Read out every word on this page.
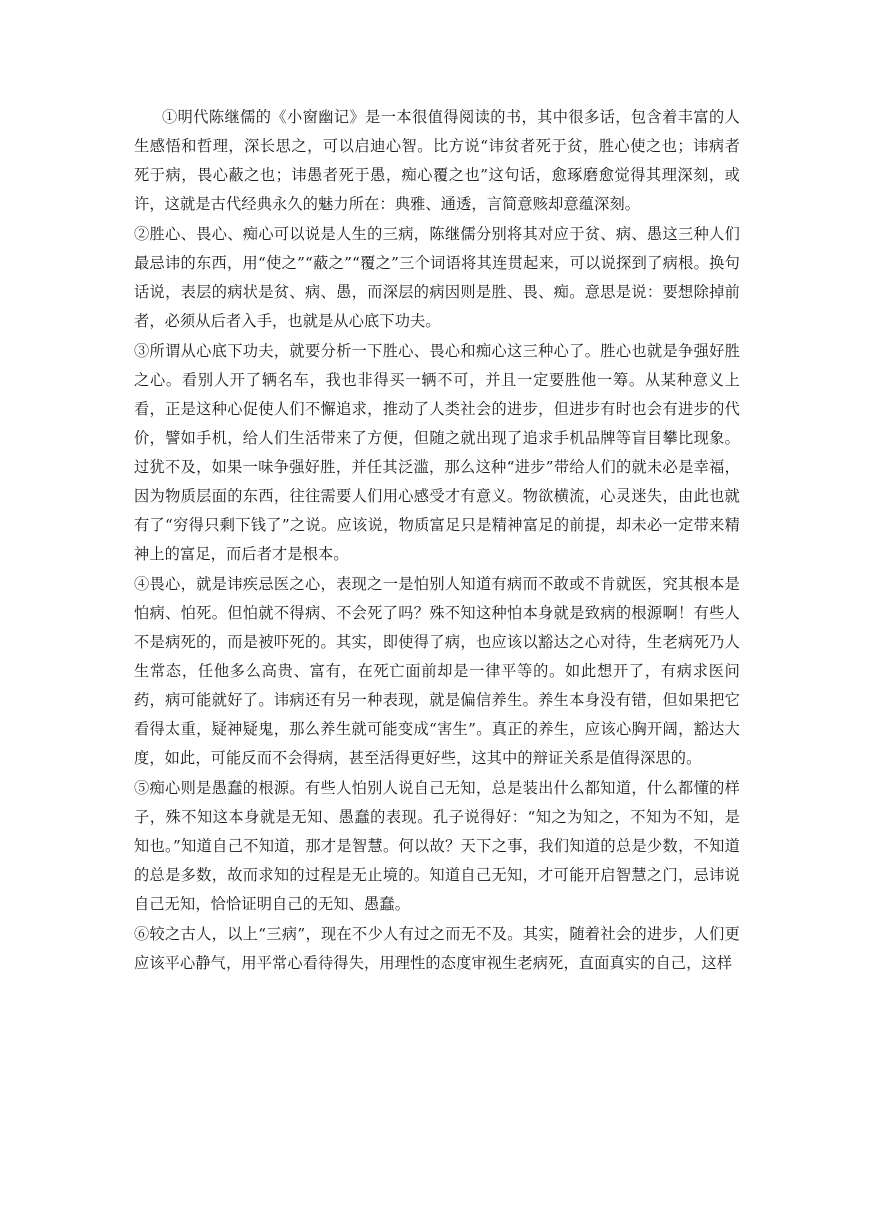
①明代陈继儒的《小窗幽记》是一本很值得阅读的书，其中很多话，包含着丰富的人生感悟和哲理，深长思之，可以启迪心智。比方说“讳贫者死于贫，胜心使之也；讳病者死于病，畏心蔽之也；讳愚者死于愚，痴心覆之也”这句话，愈琢磨愈觉得其理深刻，或许，这就是古代经典永久的魅力所在：典雅、通透，言简意赅却意蕴深刻。

②胜心、畏心、痴心可以说是人生的三病，陈继儒分别将其对应于贫、病、愚这三种人们最忌讳的东西，用“使之”“蔽之”“覆之”三个词语将其连贯起来，可以说探到了病根。换句话说，表层的病状是贫、病、愚，而深层的病因则是胜、畏、痴。意思是说：要想除掉前者，必须从后者入手，也就是从心底下功夫。

③所谓从心底下功夫，就要分析一下胜心、畏心和痴心这三种心了。胜心也就是争强好胜之心。看别人开了辆名车，我也非得买一辆不可，并且一定要胜他一筹。从某种意义上看，正是这种心促使人们不懈追求，推动了人类社会的进步，但进步有时也会有进步的代价，譬如手机，给人们生活带来了方便，但随之就出现了追求手机品牌等盲目攀比现象。过犹不及，如果一味争强好胜，并任其泛滥，那么这种“进步”带给人们的就未必是幸福，因为物质层面的东西，往往需要人们用心感受才有意义。物欲横流，心灵迷失，由此也就有了“穷得只剩下钱了”之说。应该说，物质富足只是精神富足的前提，却未必一定带来精神上的富足，而后者才是根本。

④畏心，就是讳疾忌医之心，表现之一是怕别人知道有病而不敢或不肯就医，究其根本是怕病、怕死。但怕就不得病、不会死了吗？殊不知这种怕本身就是致病的根源啊！有些人不是病死的，而是被吓死的。其实，即使得了病，也应该以豁达之心对待，生老病死乃人生常态，任他多么高贵、富有，在死亡面前却是一律平等的。如此想开了，有病求医问药，病可能就好了。讳病还有另一种表现，就是偏信养生。养生本身没有错，但如果把它看得太重，疑神疑鬼，那么养生就可能变成“害生”。真正的养生，应该心胸开阔，豁达大度，如此，可能反而不会得病，甚至活得更好些，这其中的辩证关系是值得深思的。

⑤痴心则是愚蠢的根源。有些人怕别人说自己无知，总是装出什么都知道，什么都懂的样子，殊不知这本身就是无知、愚蠢的表现。孔子说得好：“知之为知之，不知为不知，是知也。”知道自己不知道，那才是智慧。何以故？天下之事，我们知道的总是少数，不知道的总是多数，故而求知的过程是无止境的。知道自己无知，才可能开启智慧之门，忌讳说自己无知，恰恰证明自己的无知、愚蠢。

⑥较之古人，以上“三病”，现在不少人有过之而无不及。其实，随着社会的进步，人们更应该平心静气，用平常心看待得失，用理性的态度审视生老病死，直面真实的自己，这样
